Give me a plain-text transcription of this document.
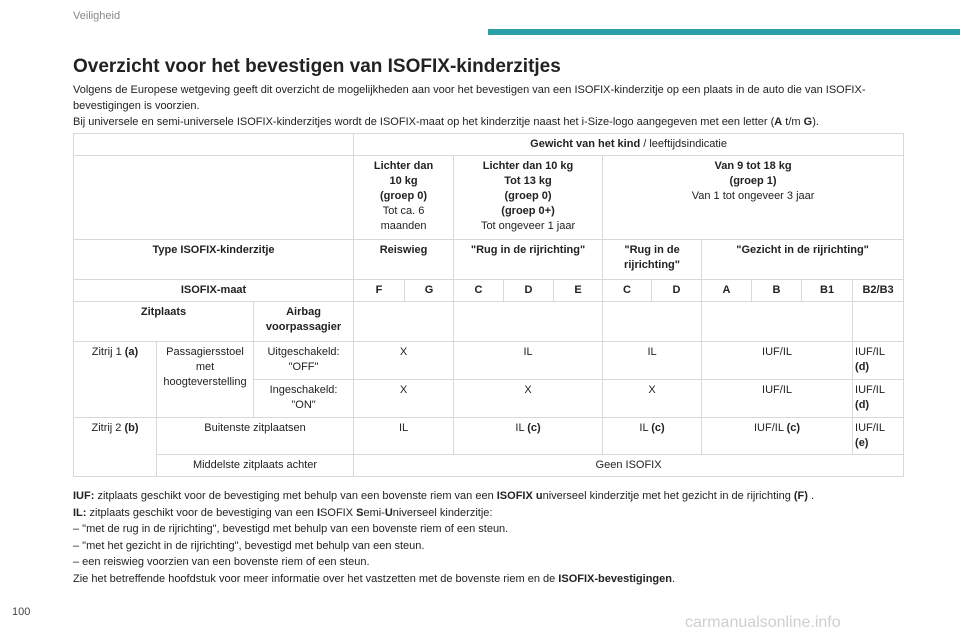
Veiligheid
Overzicht voor het bevestigen van ISOFIX-kinderzitjes

Volgens de Europese wetgeving geeft dit overzicht de mogelijkheden aan voor het bevestigen van een ISOFIX-kinderzitje op een plaats in de auto die van ISOFIX-bevestigingen is voorzien.

Bij universele en semi-universele ISOFIX-kinderzitjes wordt de ISOFIX-maat op het kinderzitje naast het i-Size-logo aangegeven met een letter (A t/m G).

			Gewicht van het kind / leeftijdsindicatie										
			Lichter dan
10 kg
(groep 0)
Tot ca. 6
maanden		Lichter dan 10 kg
Tot 13 kg
(groep 0)
(groep 0+)
Tot ongeveer 1 jaar			Van 9 tot 18 kg
(groep 1)
Van 1 tot ongeveer 3 jaar					
Type ISOFIX-kinderzitje			Reiswieg		"Rug in de rijrichting"			"Rug in de
rijrichting"		"Gezicht in de rijrichting"			
ISOFIX-maat			F	G	C	D	E	C	D	A	B	B1	B2/B3
Zitplaats		Airbag
voorpassagier											
Zitrij 1 (a)	Passagiersstoel
met
hoogteverstelling	Uitgeschakeld:
"OFF"	X		IL			IL		IUF/IL			IUF/IL
(d)
		Ingeschakeld:
"ON"	X		X			X		IUF/IL			IUF/IL
(d)
Zitrij 2 (b)	Buitenste zitplaatsen		IL		IL (c)			IL (c)		IUF/IL (c)			IUF/IL
(e)
	Middelste zitplaats achter		Geen ISOFIX										

IUF: zitplaats geschikt voor de bevestiging met behulp van een bovenste riem van een ISOFIX universeel kinderzitje met het gezicht in de rijrichting (F) .

IL: zitplaats geschikt voor de bevestiging van een ISOFIX Semi-Universeel kinderzitje:

– "met de rug in de rijrichting", bevestigd met behulp van een bovenste riem of een steun.

– "met het gezicht in de rijrichting", bevestigd met behulp van een steun.

– een reiswieg voorzien van een bovenste riem of een steun.

Zie het betreffende hoofdstuk voor meer informatie over het vastzetten met de bovenste riem en de ISOFIX-bevestigingen.

100
carmanualsonline.info
